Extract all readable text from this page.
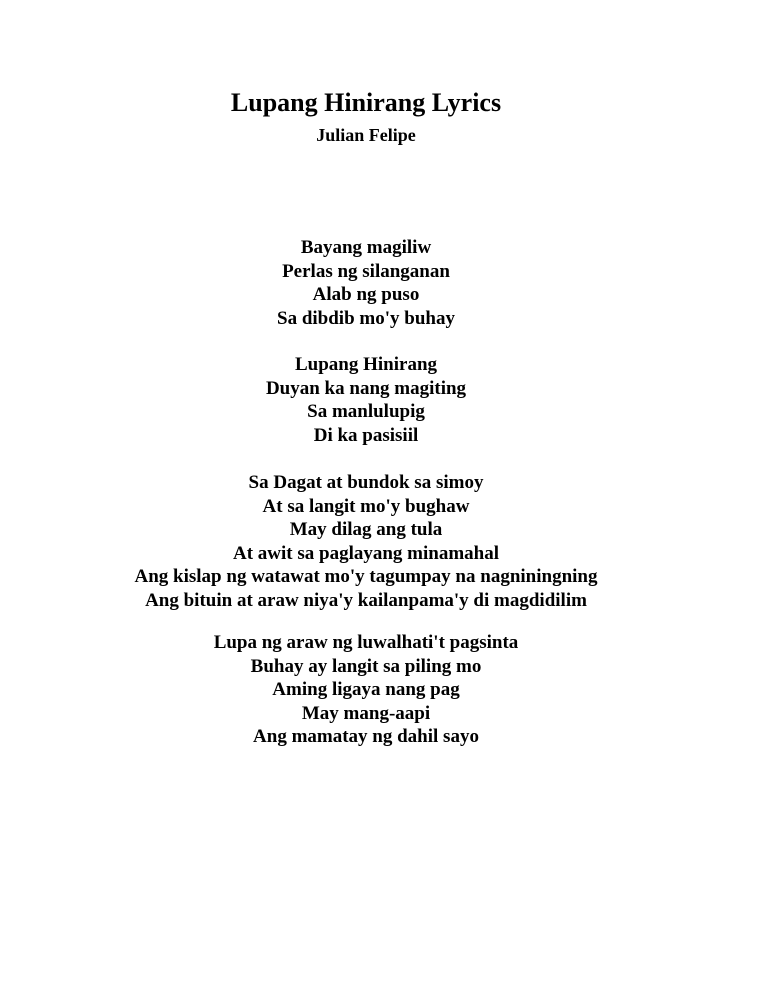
Lupang Hinirang Lyrics

Julian Felipe

Bayang magiliw
Perlas ng silanganan
Alab ng puso
Sa dibdib mo'y buhay
Lupang Hinirang
Duyan ka nang magiting
Sa manlulupig
Di ka pasisiil
Sa Dagat at bundok sa simoy
At sa langit mo'y bughaw
May dilag ang tula
At awit sa paglayang minamahal
Ang kislap ng watawat mo'y tagumpay na nagniningning
Ang bituin at araw niya'y kailanpama'y di magdidilim
Lupa ng araw ng luwalhati't pagsinta
Buhay ay langit sa piling mo
Aming ligaya nang pag
May mang-aapi
Ang mamatay ng dahil sayo
